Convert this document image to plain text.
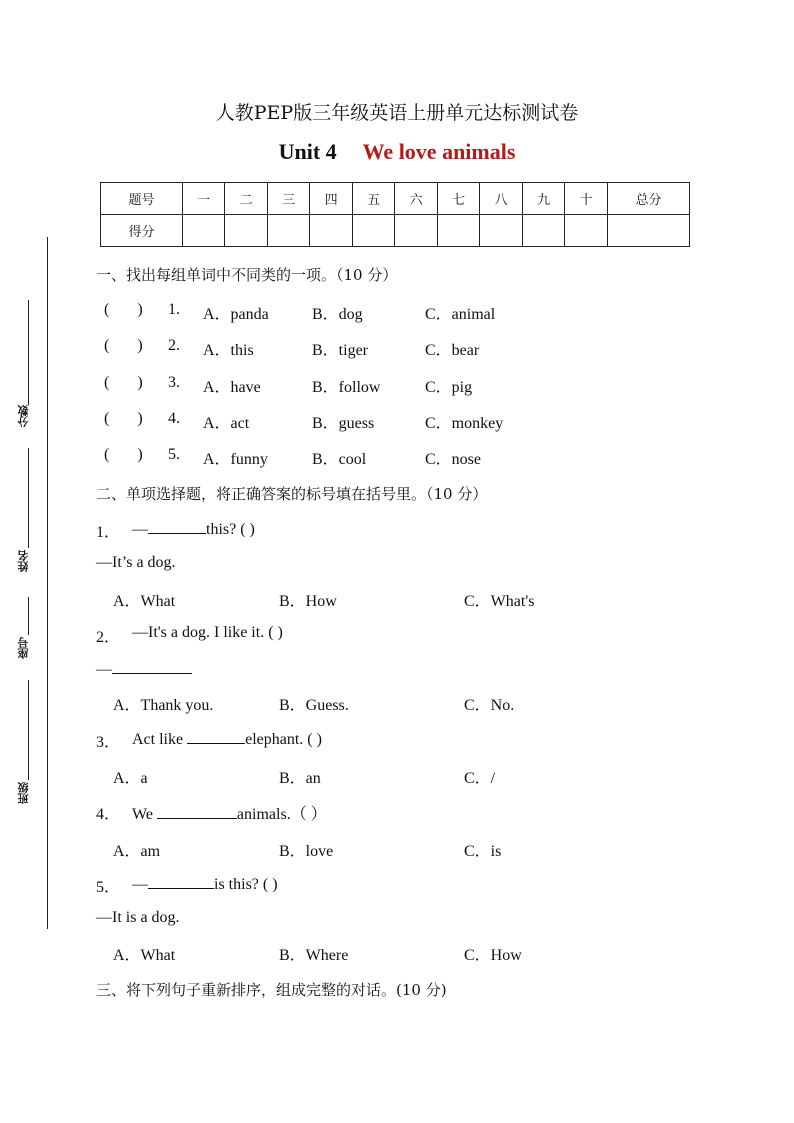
分数
姓名
座号
班级
人教PEP版三年级英语上册单元达标测试卷
Unit 4 We love animals
题号	一	二	三	四	五	六	七	八	九	十	总分
得分											
一、找出每组单词中不同类的一项。（10 分）
(       ) 1. A．panda	B．dog	C．animal
(       ) 2. A．this	B．tiger	C．bear
(       ) 3. A．have	B．follow	C．pig
(       ) 4. A．act	B．guess	C．monkey
(       ) 5. A．funny	B．cool	C．nose
二、单项选择题，将正确答案的标号填在括号里。（10 分）
1． —	this? ( )
—It’s a dog.
A．What	B．How	C．What's
2． —It's a dog. I like it. ( )
—
A．Thank you.	B．Guess.	C．No.
3． Act like	elephant. ( )
A．a	B．an	C．/
4． We	animals.（ ）
A．am	B．love	C．is
5． —	is this? ( )
—It is a dog.
A．What	B．Where	C．How
三、将下列句子重新排序，组成完整的对话。(10 分)
